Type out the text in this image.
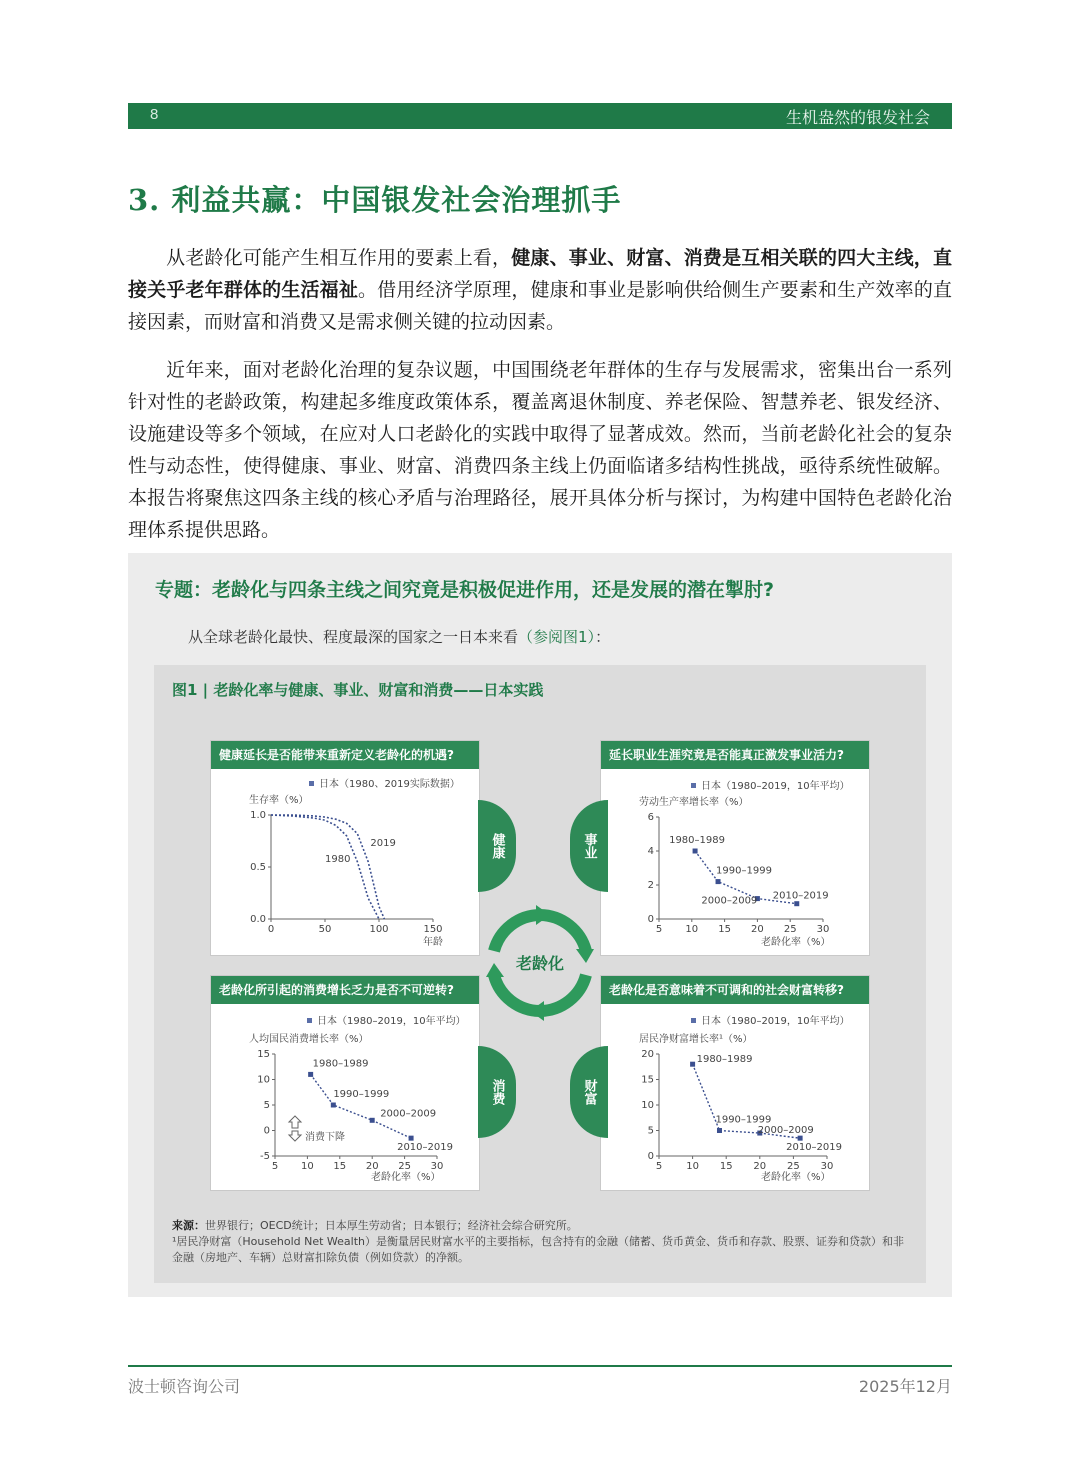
8	生机盎然的银发社会
3. 利益共赢：中国银发社会治理抓手
从老龄化可能产生相互作用的要素上看，健康、事业、财富、消费是互相关联的四大主线，直接关乎老年群体的生活福祉。借用经济学原理，健康和事业是影响供给侧生产要素和生产效率的直接因素，而财富和消费又是需求侧关键的拉动因素。
近年来，面对老龄化治理的复杂议题，中国围绕老年群体的生存与发展需求，密集出台一系列针对性的老龄政策，构建起多维度政策体系，覆盖离退休制度、养老保险、智慧养老、银发经济、设施建设等多个领域，在应对人口老龄化的实践中取得了显著成效。然而，当前老龄化社会的复杂性与动态性，使得健康、事业、财富、消费四条主线上仍面临诸多结构性挑战，亟待系统性破解。本报告将聚焦这四条主线的核心矛盾与治理路径，展开具体分析与探讨，为构建中国特色老龄化治理体系提供思路。
专题：老龄化与四条主线之间究竟是积极促进作用，还是发展的潜在掣肘?
从全球老龄化最快、程度最深的国家之一日本来看（参阅图1）：
图1 | 老龄化率与健康、事业、财富和消费——日本实践
健康延长是否能带来重新定义老龄化的机遇?
日本（1980、2019实际数据）
生存率（%）
1.0
0.5
0.0
0	50	100	150
1980
2019
年龄
健康
延长职业生涯究竟是否能真正激发事业活力?
日本（1980–2019，10年平均）
劳动生产率增长率（%）
6
4
2
0
5 10 15 20 25 30
1980–1989
1990–1999
2000–2009 2010–2019
老龄化率（%）
事业
老龄化
老龄化所引起的消费增长乏力是否不可逆转?
日本（1980–2019，10年平均）
人均国民消费增长率（%）
15
10
5
0
-5
5 10 15 20 25 30
1980–1989
1990–1999
2000–2009
2010–2019
消费下降
老龄化率（%）
消费
老龄化是否意味着不可调和的社会财富转移?
日本（1980–2019，10年平均）
居民净财富增长率¹（%）
20
15
10
5
0
5 10 15 20 25 30
1980–1989
1990–1999
2000–2009
2010–2019
老龄化率（%）
财富
来源：世界银行；OECD统计；日本厚生劳动省；日本银行；经济社会综合研究所。
¹居民净财富（Household Net Wealth）是衡量居民财富水平的主要指标，包含持有的金融（储蓄、货币黄金、货币和存款、股票、证券和贷款）和非金融（房地产、车辆）总财富扣除负债（例如贷款）的净额。
波士顿咨询公司	2025年12月
